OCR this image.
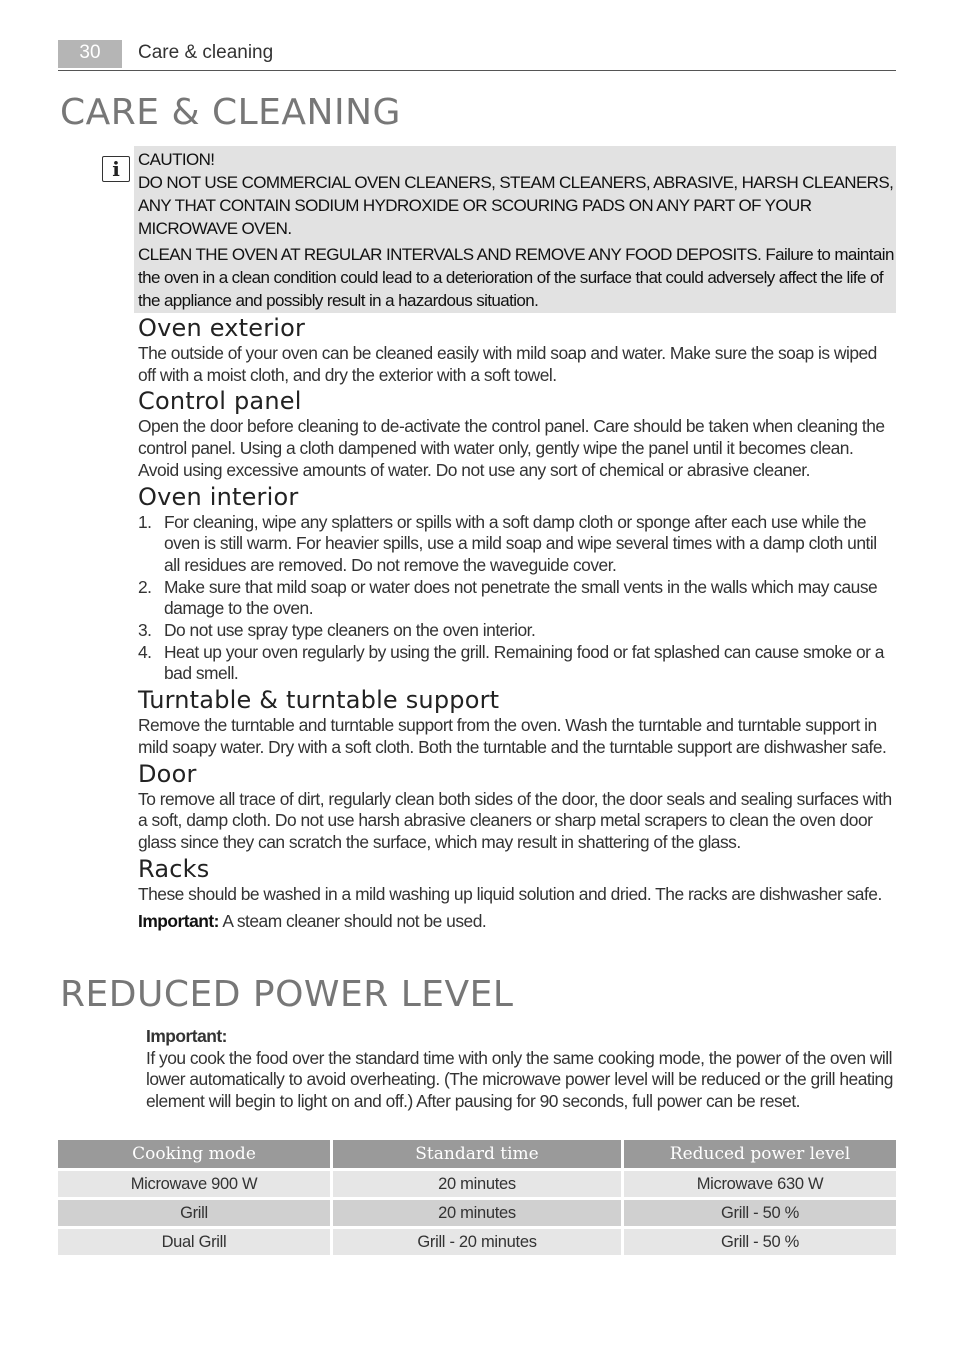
30	Care & cleaning
CARE & CLEANING
i	CAUTION!

DO NOT USE COMMERCIAL OVEN CLEANERS, STEAM CLEANERS, ABRASIVE, HARSH CLEANERS, ANY THAT CONTAIN SODIUM HYDROXIDE OR SCOURING PADS ON ANY PART OF YOUR MICROWAVE OVEN.

CLEAN THE OVEN AT REGULAR INTERVALS AND REMOVE ANY FOOD DEPOSITS. Failure to maintain the oven in a clean condition could lead to a deterioration of the surface that could adversely affect the life of the appliance and possibly result in a hazardous situation.

Oven exterior

The outside of your oven can be cleaned easily with mild soap and water. Make sure the soap is wiped off with a moist cloth, and dry the exterior with a soft towel.

Control panel

Open the door before cleaning to de-activate the control panel. Care should be taken when cleaning the control panel. Using a cloth dampened with water only, gently wipe the panel until it becomes clean. Avoid using excessive amounts of water. Do not use any sort of chemical or abrasive cleaner.

Oven interior
1. For cleaning, wipe any splatters or spills with a soft damp cloth or sponge after each use while the oven is still warm. For heavier spills, use a mild soap and wipe several times with a damp cloth until all residues are removed. Do not remove the waveguide cover.
2. Make sure that mild soap or water does not penetrate the small vents in the walls which may cause damage to the oven.
3. Do not use spray type cleaners on the oven interior.
4. Heat up your oven regularly by using the grill. Remaining food or fat splashed can cause smoke or a bad smell.
Turntable & turntable support

Remove the turntable and turntable support from the oven. Wash the turntable and turntable support in mild soapy water. Dry with a soft cloth. Both the turntable and the turntable support are dishwasher safe.

Door

To remove all trace of dirt, regularly clean both sides of the door, the door seals and sealing surfaces with a soft, damp cloth. Do not use harsh abrasive cleaners or sharp metal scrapers to clean the oven door glass since they can scratch the surface, which may result in shattering of the glass.

Racks

These should be washed in a mild washing up liquid solution and dried. The racks are dishwasher safe.

Important: A steam cleaner should not be used.

REDUCED POWER LEVEL

Important:

If you cook the food over the standard time with only the same cooking mode, the power of the oven will lower automatically to avoid overheating. (The microwave power level will be reduced or the grill heating element will begin to light on and off.) After pausing for 90 seconds, full power can be reset.

Cooking mode	Standard time	Reduced power level
Microwave 900 W	20 minutes	Microwave 630 W
Grill	20 minutes	Grill - 50 %
Dual Grill	Grill - 20 minutes	Grill - 50 %
